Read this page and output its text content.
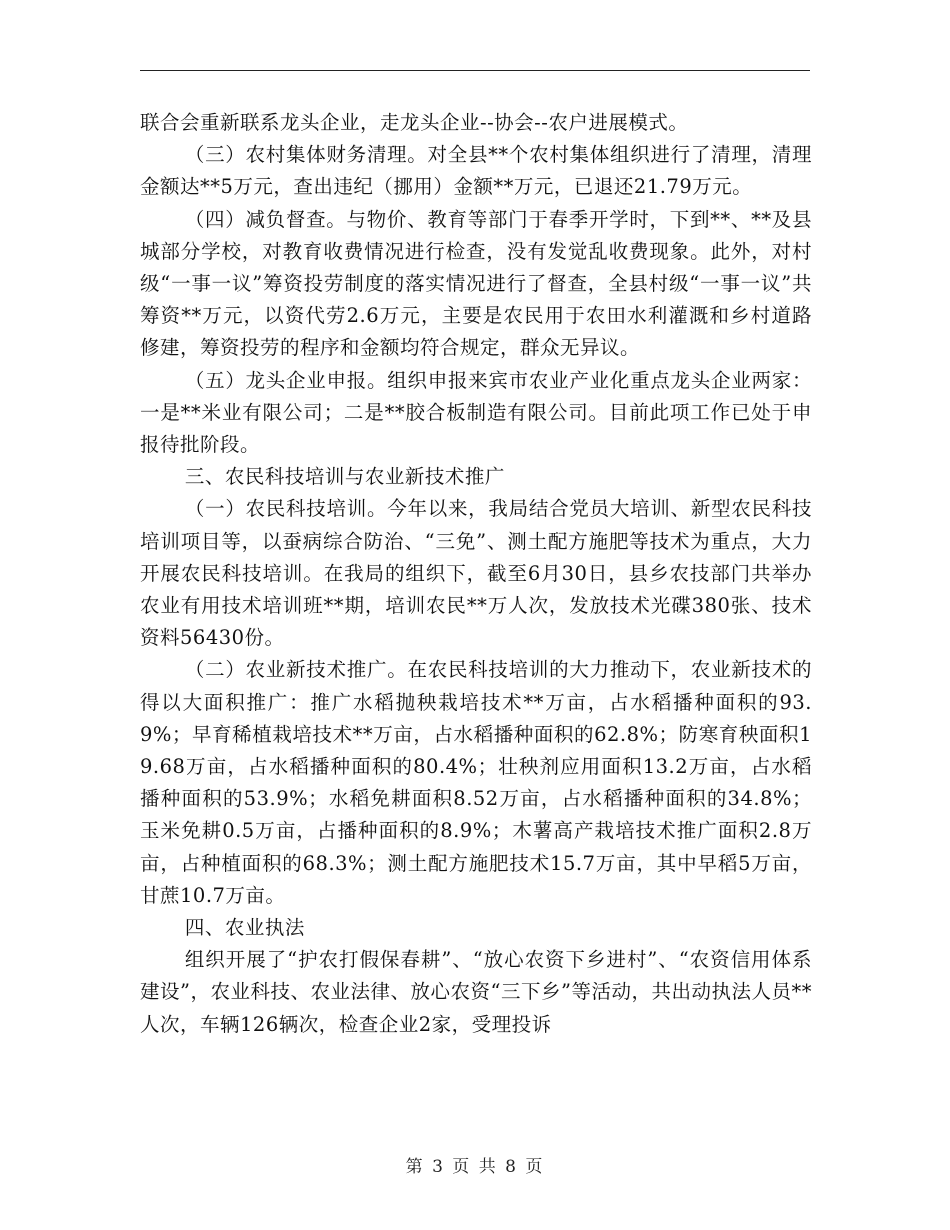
联合会重新联系龙头企业，走龙头企业--协会--农户进展模式。

（三）农村集体财务清理。对全县**个农村集体组织进行了清理，清理金额达**5万元，查出违纪（挪用）金额**万元，已退还21.79万元。

（四）减负督查。与物价、教育等部门于春季开学时，下到**、**及县城部分学校，对教育收费情况进行检查，没有发觉乱收费现象。此外，对村级“一事一议”筹资投劳制度的落实情况进行了督查，全县村级“一事一议”共筹资**万元，以资代劳2.6万元，主要是农民用于农田水利灌溉和乡村道路修建，筹资投劳的程序和金额均符合规定，群众无异议。

（五）龙头企业申报。组织申报来宾市农业产业化重点龙头企业两家：一是**米业有限公司；二是**胶合板制造有限公司。目前此项工作已处于申报待批阶段。

三、农民科技培训与农业新技术推广

（一）农民科技培训。今年以来，我局结合党员大培训、新型农民科技培训项目等，以蚕病综合防治、“三免”、测土配方施肥等技术为重点，大力开展农民科技培训。在我局的组织下，截至6月30日，县乡农技部门共举办农业有用技术培训班**期，培训农民**万人次，发放技术光碟380张、技术资料56430份。

（二）农业新技术推广。在农民科技培训的大力推动下，农业新技术的得以大面积推广：推广水稻抛秧栽培技术**万亩，占水稻播种面积的93.9%；早育稀植栽培技术**万亩，占水稻播种面积的62.8%；防寒育秧面积19.68万亩，占水稻播种面积的80.4%；壮秧剂应用面积13.2万亩，占水稻播种面积的53.9%；水稻免耕面积8.52万亩，占水稻播种面积的34.8%；玉米免耕0.5万亩，占播种面积的8.9%；木薯高产栽培技术推广面积2.8万亩，占种植面积的68.3%；测土配方施肥技术15.7万亩，其中早稻5万亩，甘蔗10.7万亩。

四、农业执法

组织开展了“护农打假保春耕”、“放心农资下乡进村”、“农资信用体系建设”，农业科技、农业法律、放心农资“三下乡”等活动，共出动执法人员**人次，车辆126辆次，检查企业2家，受理投诉

第 3 页 共 8 页
